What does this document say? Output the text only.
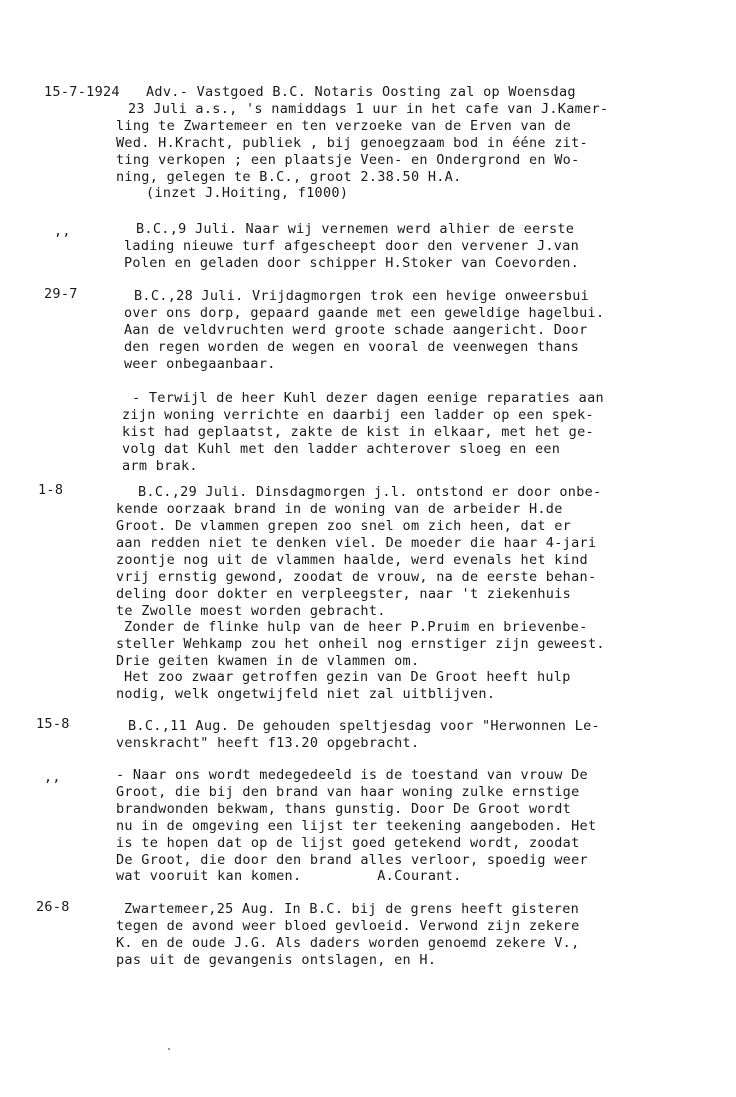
15-7-1924 Adv.- Vastgoed B.C. Notaris Oosting zal op Woensdag
23 Juli a.s., 's namiddags 1 uur in het cafe van J.Kamer-
ling te Zwartemeer en ten verzoeke van de Erven van de
Wed. H.Kracht, publiek , bij genoegzaam bod in ééne zit-
ting verkopen ; een plaatsje Veen- en Ondergrond en Wo-
ning, gelegen te B.C., groot 2.38.50 H.A.
(inzet J.Hoiting, f1000)
,,	B.C.,9 Juli. Naar wij vernemen werd alhier de eerste
lading nieuwe turf afgescheept door den vervener J.van
Polen en geladen door schipper H.Stoker van Coevorden.
29-7	B.C.,28 Juli. Vrijdagmorgen trok een hevige onweersbui
over ons dorp, gepaard gaande met een geweldige hagelbui.
Aan de veldvruchten werd groote schade aangericht. Door
den regen worden de wegen en vooral de veenwegen thans
weer onbegaanbaar.
- Terwijl de heer Kuhl dezer dagen eenige reparaties aan
zijn woning verrichte en daarbij een ladder op een spek-
kist had geplaatst, zakte de kist in elkaar, met het ge-
volg dat Kuhl met den ladder achterover sloeg en een
arm brak.
1-8	B.C.,29 Juli. Dinsdagmorgen j.l. ontstond er door onbe-
kende oorzaak brand in de woning van de arbeider H.de
Groot. De vlammen grepen zoo snel om zich heen, dat er
aan redden niet te denken viel. De moeder die haar 4-jari
zoontje nog uit de vlammen haalde, werd evenals het kind
vrij ernstig gewond, zoodat de vrouw, na de eerste behan-
deling door dokter en verpleegster, naar 't ziekenhuis
te Zwolle moest worden gebracht.
Zonder de flinke hulp van de heer P.Pruim en brievenbe-
steller Wehkamp zou het onheil nog ernstiger zijn geweest.
Drie geiten kwamen in de vlammen om.
Het zoo zwaar getroffen gezin van De Groot heeft hulp
nodig, welk ongetwijfeld niet zal uitblijven.
15-8	B.C.,11 Aug. De gehouden speltjesdag voor "Herwonnen Le-
venskracht" heeft f13.20 opgebracht.
,,	- Naar ons wordt medegedeeld is de toestand van vrouw De
Groot, die bij den brand van haar woning zulke ernstige
brandwonden bekwam, thans gunstig. Door De Groot wordt
nu in de omgeving een lijst ter teekening aangeboden. Het
is te hopen dat op de lijst goed getekend wordt, zoodat
De Groot, die door den brand alles verloor, spoedig weer
wat vooruit kan komen.         A.Courant.
26-8	Zwartemeer,25 Aug. In B.C. bij de grens heeft gisteren
tegen de avond weer bloed gevloeid. Verwond zijn zekere
K. en de oude J.G. Als daders worden genoemd zekere V.,
pas uit de gevangenis ontslagen, en H.
